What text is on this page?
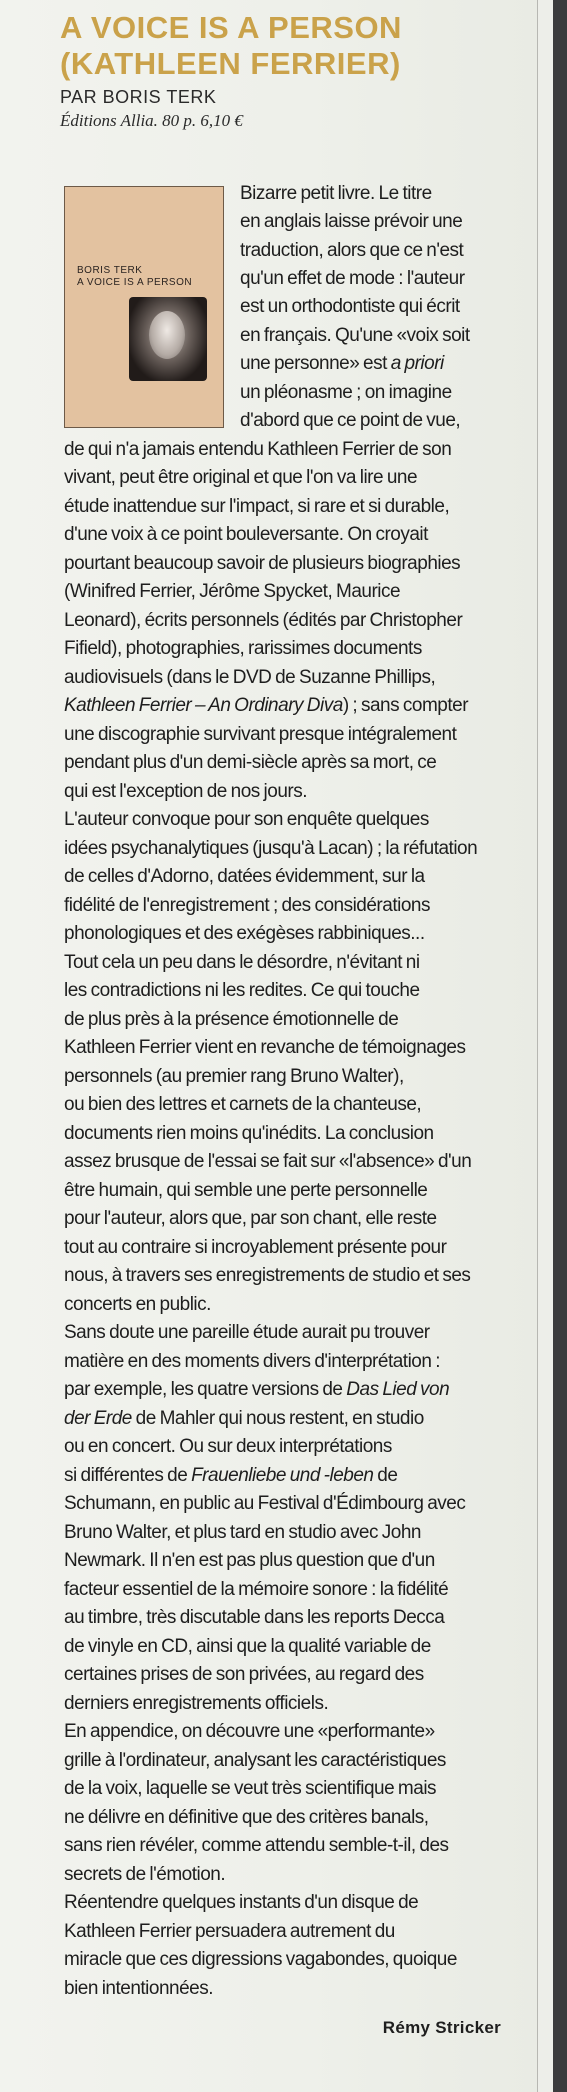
A VOICE IS A PERSON
(KATHLEEN FERRIER)
PAR BORIS TERK
Éditions Allia. 80 p. 6,10 €
BORIS TERK
A VOICE IS A PERSON
Bizarre petit livre. Le titre
en anglais laisse prévoir une
traduction, alors que ce n'est
qu'un effet de mode : l'auteur
est un orthodontiste qui écrit
en français. Qu'une «voix soit
une personne» est a priori
un pléonasme ; on imagine
d'abord que ce point de vue,
de qui n'a jamais entendu Kathleen Ferrier de son
vivant, peut être original et que l'on va lire une
étude inattendue sur l'impact, si rare et si durable,
d'une voix à ce point bouleversante. On croyait
pourtant beaucoup savoir de plusieurs biographies
(Winifred Ferrier, Jérôme Spycket, Maurice
Leonard), écrits personnels (édités par Christopher
Fifield), photographies, rarissimes documents
audiovisuels (dans le DVD de Suzanne Phillips,
Kathleen Ferrier – An Ordinary Diva) ; sans compter
une discographie survivant presque intégralement
pendant plus d'un demi-siècle après sa mort, ce
qui est l'exception de nos jours.
L'auteur convoque pour son enquête quelques
idées psychanalytiques (jusqu'à Lacan) ; la réfutation
de celles d'Adorno, datées évidemment, sur la
fidélité de l'enregistrement ; des considérations
phonologiques et des exégèses rabbiniques...
Tout cela un peu dans le désordre, n'évitant ni
les contradictions ni les redites. Ce qui touche
de plus près à la présence émotionnelle de
Kathleen Ferrier vient en revanche de témoignages
personnels (au premier rang Bruno Walter),
ou bien des lettres et carnets de la chanteuse,
documents rien moins qu'inédits. La conclusion
assez brusque de l'essai se fait sur «l'absence» d'un
être humain, qui semble une perte personnelle
pour l'auteur, alors que, par son chant, elle reste
tout au contraire si incroyablement présente pour
nous, à travers ses enregistrements de studio et ses
concerts en public.
Sans doute une pareille étude aurait pu trouver
matière en des moments divers d'interprétation :
par exemple, les quatre versions de Das Lied von
der Erde de Mahler qui nous restent, en studio
ou en concert. Ou sur deux interprétations
si différentes de Frauenliebe und -leben de
Schumann, en public au Festival d'Édimbourg avec
Bruno Walter, et plus tard en studio avec John
Newmark. Il n'en est pas plus question que d'un
facteur essentiel de la mémoire sonore : la fidélité
au timbre, très discutable dans les reports Decca
de vinyle en CD, ainsi que la qualité variable de
certaines prises de son privées, au regard des
derniers enregistrements officiels.
En appendice, on découvre une «performante»
grille à l'ordinateur, analysant les caractéristiques
de la voix, laquelle se veut très scientifique mais
ne délivre en définitive que des critères banals,
sans rien révéler, comme attendu semble-t-il, des
secrets de l'émotion.
Réentendre quelques instants d'un disque de
Kathleen Ferrier persuadera autrement du
miracle que ces digressions vagabondes, quoique
bien intentionnées.
Rémy Stricker
